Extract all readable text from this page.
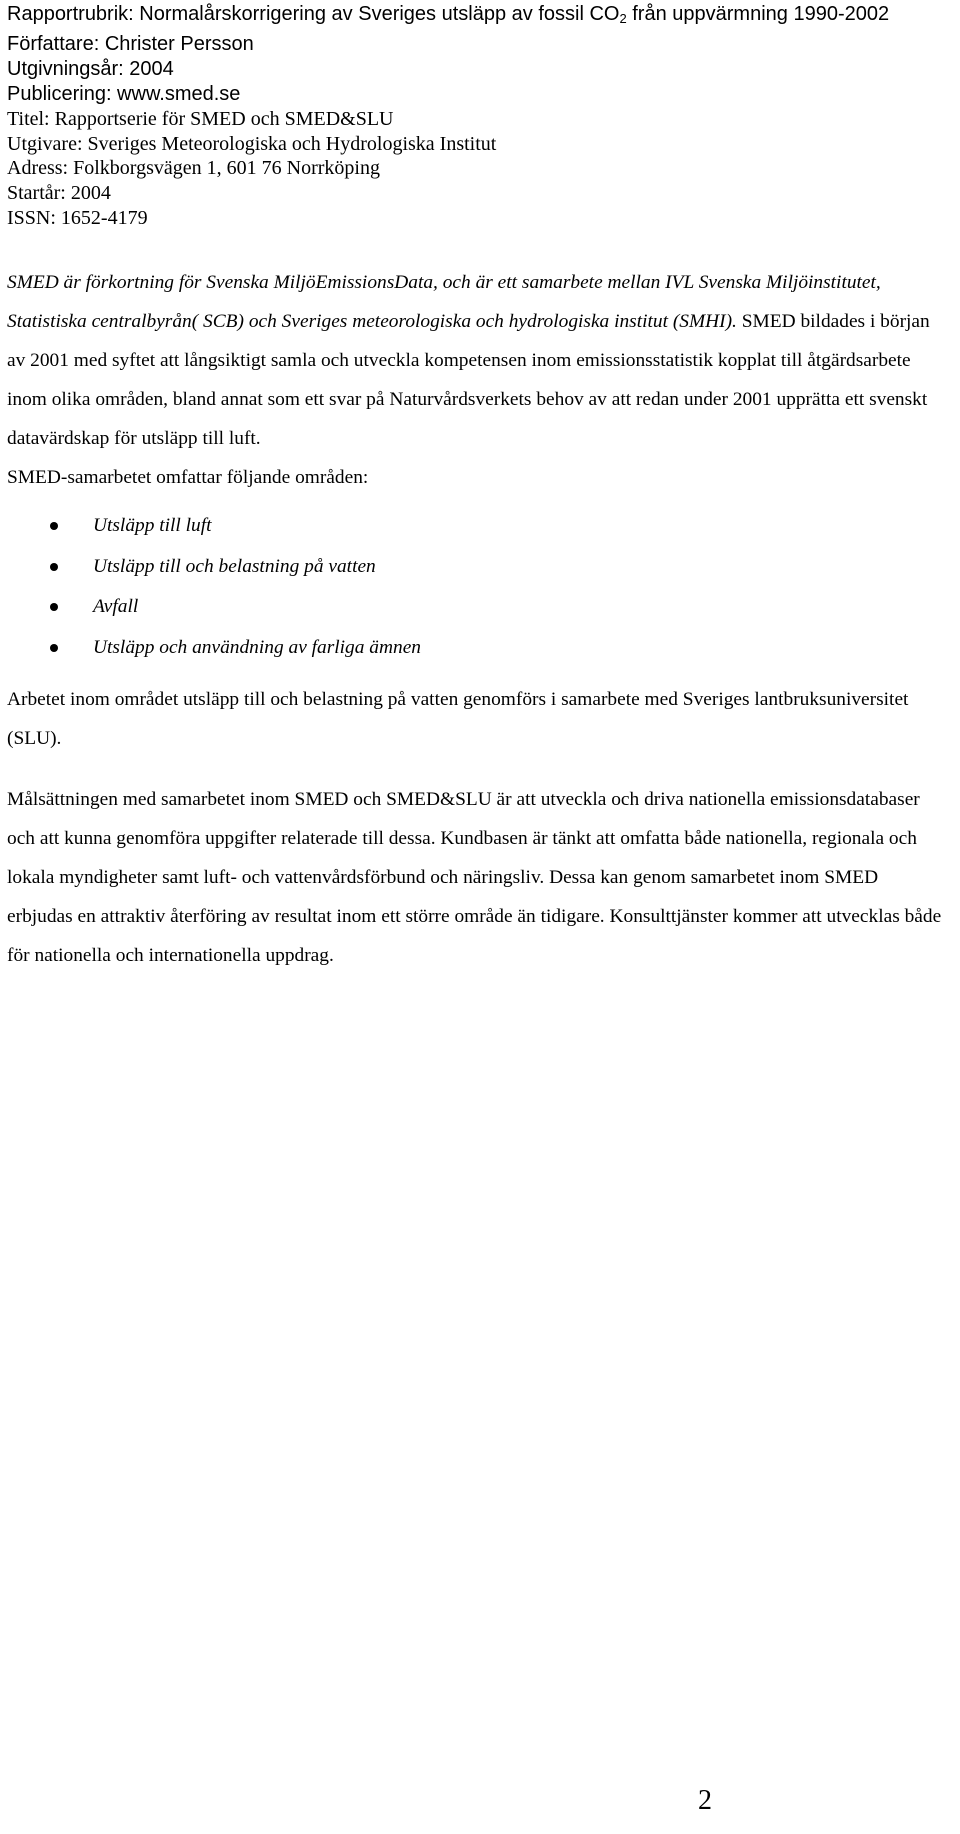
Rapportrubrik: Normalårskorrigering av Sveriges utsläpp av fossil $CO_2$ från uppvärmning 1990-2002
Författare: Christer Persson
Utgivningsår: 2004
Publicering: www.smed.se
Titel: Rapportserie för SMED och SMED&SLU
Utgivare: Sveriges Meteorologiska och Hydrologiska Institut
Adress: Folkborgsvägen 1, 601 76 Norrköping
Startår: 2004
ISSN: 1652-4179

SMED är förkortning för Svenska MiljöEmissionsData, och är ett samarbete mellan IVL Svenska Miljöinstitutet, Statistiska centralbyrån( SCB) och Sveriges meteorologiska och hydrologiska institut (SMHI). SMED bildades i början av 2001 med syftet att långsiktigt samla och utveckla kompetensen inom emissionsstatistik kopplat till åtgärdsarbete inom olika områden, bland annat som ett svar på Naturvårdsverkets behov av att redan under 2001 upprätta ett svenskt datavärdskap för utsläpp till luft.

SMED-samarbetet omfattar följande områden:

Utsläpp till luft
Utsläpp till och belastning på vatten
Avfall
Utsläpp och användning av farliga ämnen

Arbetet inom området utsläpp till och belastning på vatten genomförs i samarbete med Sveriges lantbruksuniversitet (SLU).

Målsättningen med samarbetet inom SMED och SMED&SLU är att utveckla och driva nationella emissionsdatabaser och att kunna genomföra uppgifter relaterade till dessa. Kundbasen är tänkt att omfatta både nationella, regionala och lokala myndigheter samt luft- och vattenvårdsförbund och näringsliv. Dessa kan genom samarbetet inom SMED erbjudas en attraktiv återföring av resultat inom ett större område än tidigare. Konsulttjänster kommer att utvecklas både för nationella och internationella uppdrag.

2
